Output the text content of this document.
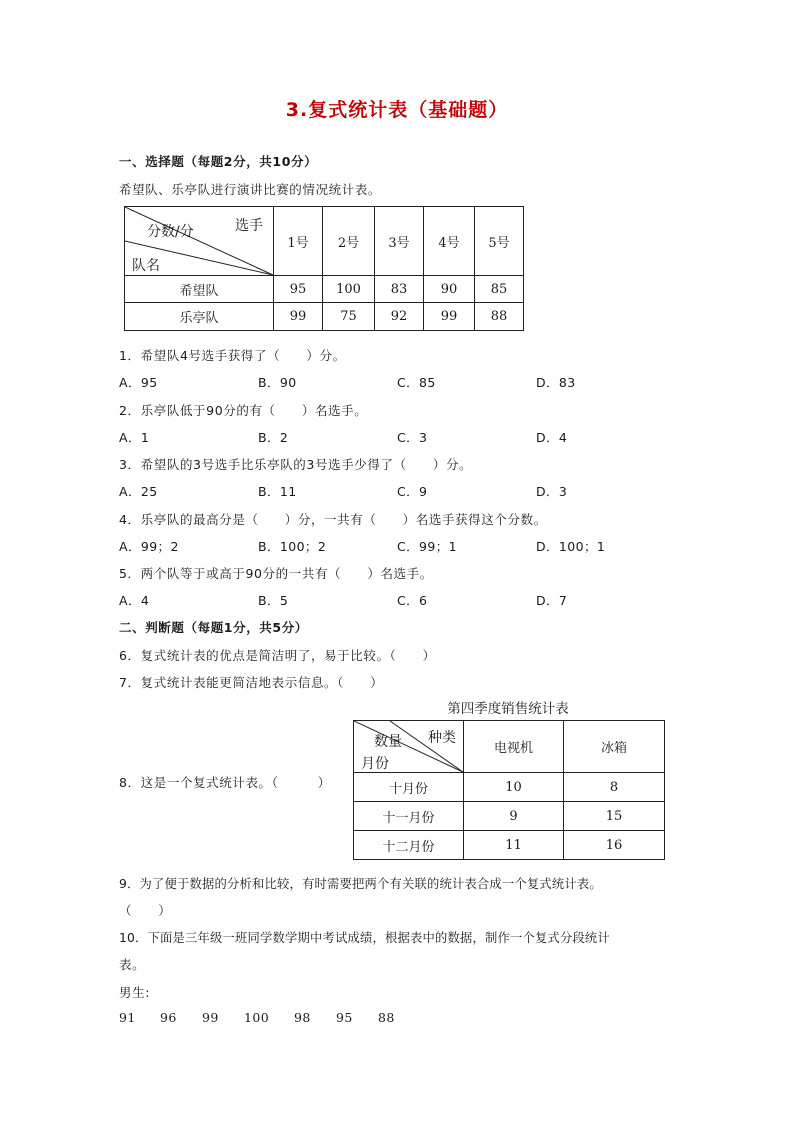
3.复式统计表（基础题）
一、选择题（每题2分，共10分）
希望队、乐亭队进行演讲比赛的情况统计表。
分数/分 选手
队名	1号	2号	3号	4号	5号
希望队	95	100	83	90	85
乐亭队	99	75	92	99	88
1．希望队4号选手获得了（　　）分。
A．95	B．90	C．85	D．83
2．乐亭队低于90分的有（　　）名选手。
A．1	B．2	C．3	D．4
3．希望队的3号选手比乐亭队的3号选手少得了（　　）分。
A．25	B．11	C．9	D．3
4．乐亭队的最高分是（　　）分，一共有（　　）名选手获得这个分数。
A．99；2	B．100；2	C．99；1	D．100；1
5．两个队等于或高于90分的一共有（　　）名选手。
A．4	B．5	C．6	D．7
二、判断题（每题1分，共5分）
6．复式统计表的优点是简洁明了，易于比较。（　　）
7．复式统计表能更简洁地表示信息。（　　）
第四季度销售统计表
数量 种类
月份	电视机	冰箱
十月份	10	8
十一月份	9	15
十二月份	11	16
8．这是一个复式统计表。（　　　）
9．为了便于数据的分析和比较，有时需要把两个有关联的统计表合成一个复式统计表。
（　　）
10．下面是三年级一班同学数学期中考试成绩，根据表中的数据，制作一个复式分段统计
表。
男生:
91 96 99 100 98 95 88
